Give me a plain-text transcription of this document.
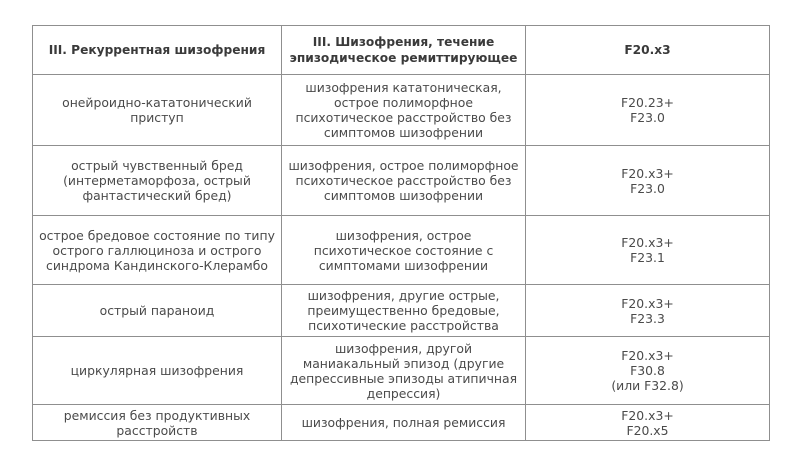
III. Рекуррентная шизофрения	III. Шизофрения, течение эпизодическое ремиттирующее	F20.x3
онейроидно-кататонический приступ	шизофрения кататоническая, острое полиморфное психотическое расстройство без симптомов шизофрении	F20.23+
F23.0

острый чувственный бред (интерметаморфоза, острый фантастический бред)	шизофрения, острое полиморфное психотическое расстройство без симптомов шизофрении	F20.x3+
F23.0

острое бредовое состояние по типу острого галлюциноза и острого синдрома Кандинского-Клерамбо	шизофрения, острое психотическое состояние с симптомами шизофрении	F20.x3+
F23.1

острый параноид	шизофрения, другие острые, преимущественно бредовые, психотические расстройства	F20.x3+
F23.3

циркулярная шизофрения	шизофрения, другой маниакальный эпизод (другие депрессивные эпизоды атипичная депрессия)	F20.x3+
F30.8
(или F32.8)

ремиссия без продуктивных расстройств	шизофрения, полная ремиссия	F20.x3+
F20.x5
